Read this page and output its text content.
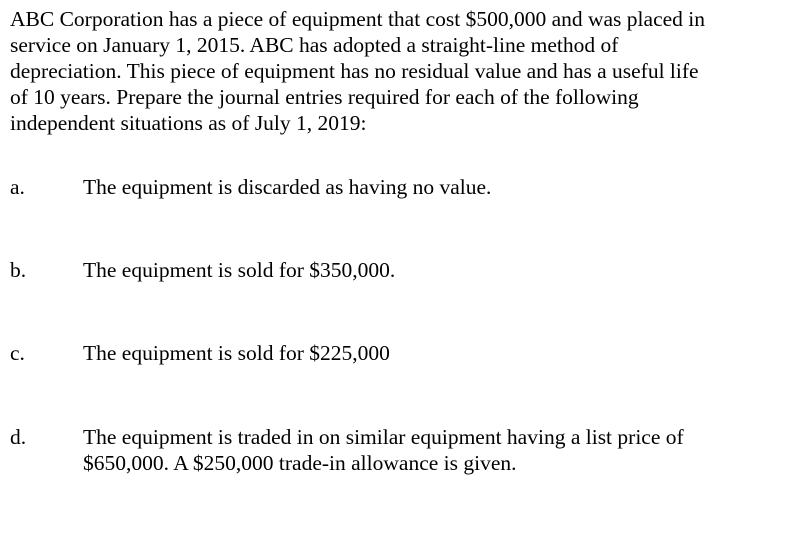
ABC Corporation has a piece of equipment that cost $500,000 and was placed in
service on January 1, 2015. ABC has adopted a straight-line method of
depreciation. This piece of equipment has no residual value and has a useful life
of 10 years. Prepare the journal entries required for each of the following
independent situations as of July 1, 2019:

a.	The equipment is discarded as having no value.
b.	The equipment is sold for $350,000.
c.	The equipment is sold for $225,000
d.	The equipment is traded in on similar equipment having a list price of
$650,000. A $250,000 trade-in allowance is given.
